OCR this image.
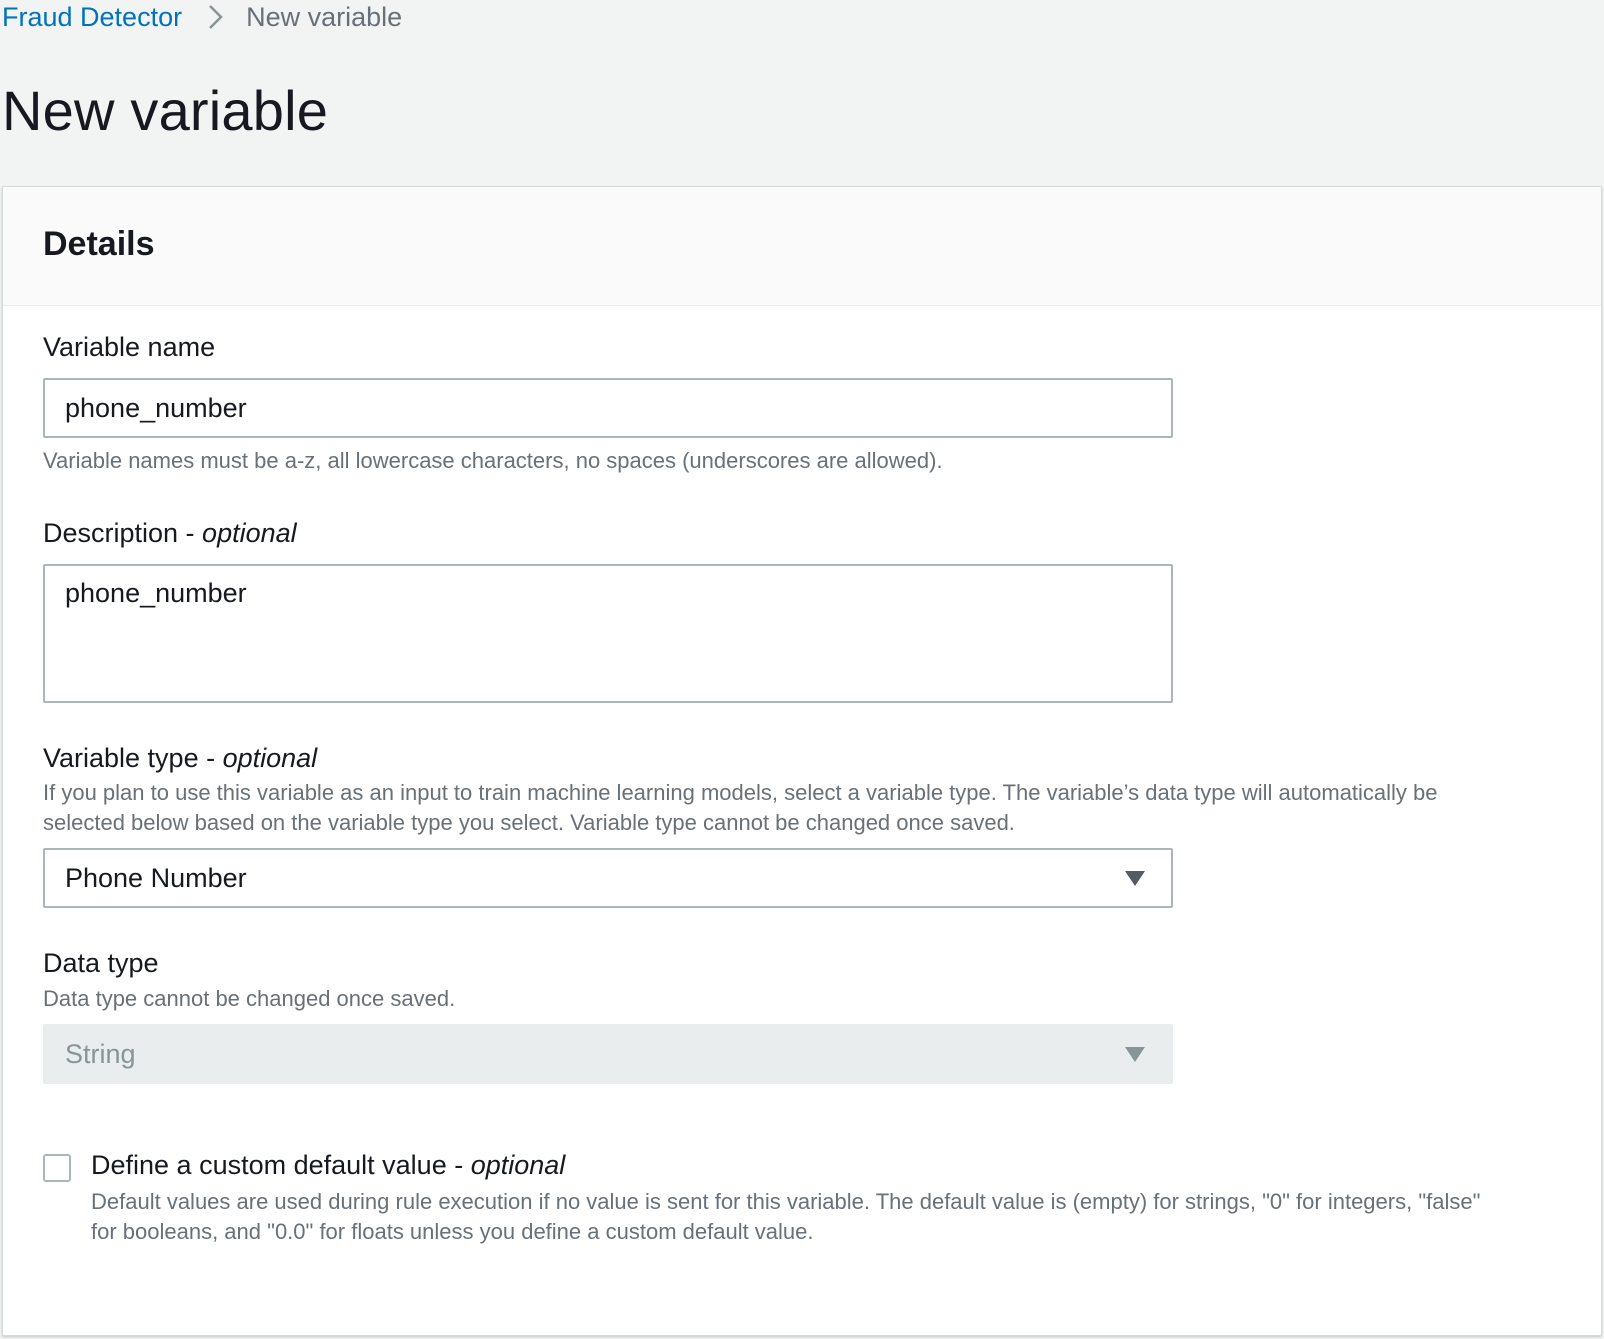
Fraud Detector New variable
New variable
Details
Variable name
phone_number
Variable names must be a-z, all lowercase characters, no spaces (underscores are allowed).
Description - optional
phone_number
Variable type - optional
If you plan to use this variable as an input to train machine learning models, select a variable type. The variable’s data type will automatically be selected below based on the variable type you select. Variable type cannot be changed once saved.
Phone Number
Data type
Data type cannot be changed once saved.
String
Define a custom default value - optional
Default values are used during rule execution if no value is sent for this variable. The default value is (empty) for strings, "0" for integers, "false" for booleans, and "0.0" for floats unless you define a custom default value.
